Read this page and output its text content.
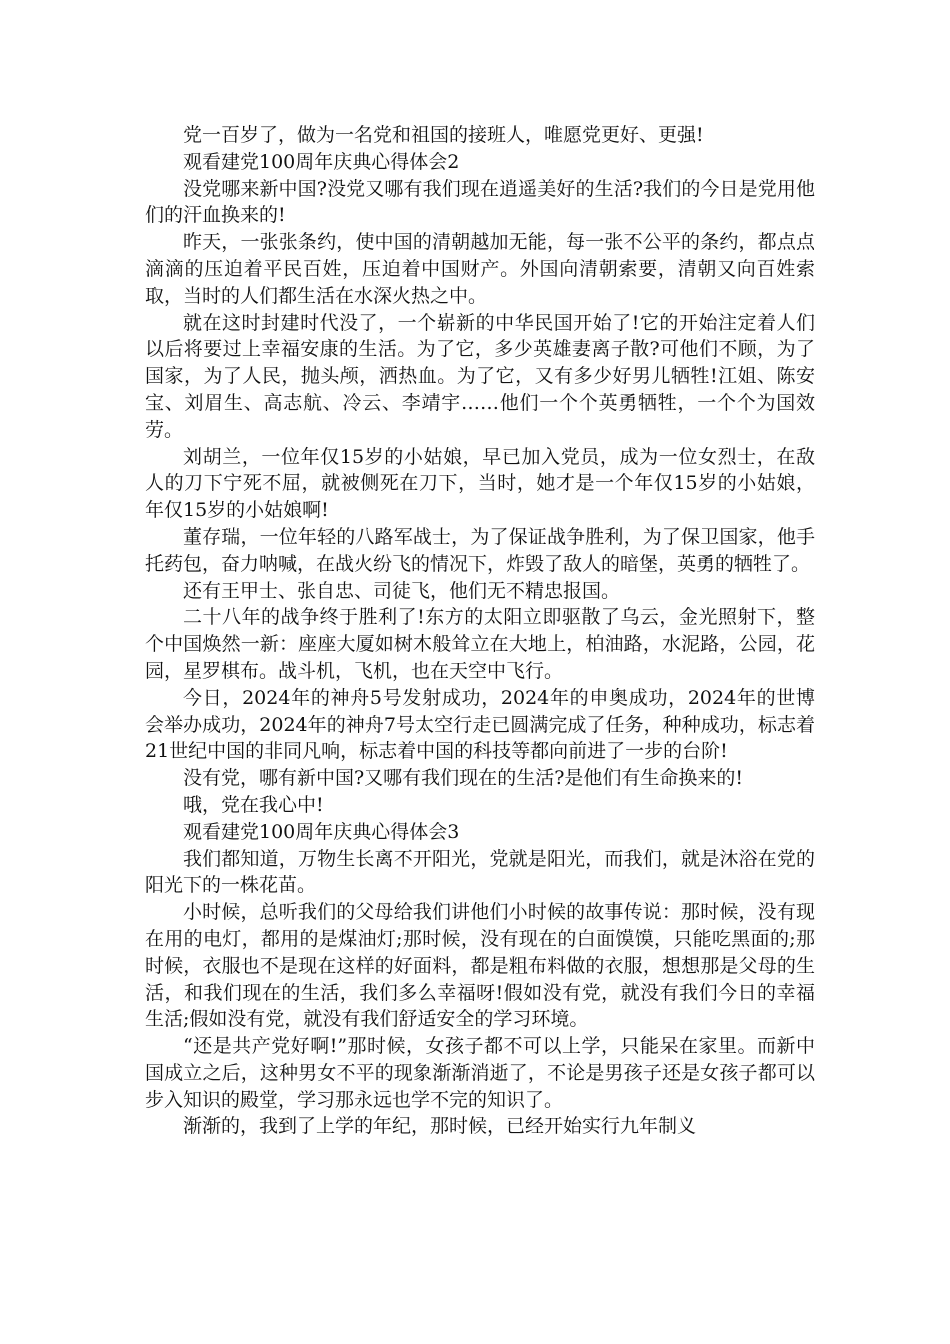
党一百岁了，做为一名党和祖国的接班人，唯愿党更好、更强!

观看建党100周年庆典心得体会2

没党哪来新中国?没党又哪有我们现在逍遥美好的生活?我们的今日是党用他们的汗血换来的!

昨天，一张张条约，使中国的清朝越加无能，每一张不公平的条约，都点点滴滴的压迫着平民百姓，压迫着中国财产。外国向清朝索要，清朝又向百姓索取，当时的人们都生活在水深火热之中。

就在这时封建时代没了，一个崭新的中华民国开始了!它的开始注定着人们以后将要过上幸福安康的生活。为了它，多少英雄妻离子散?可他们不顾，为了国家，为了人民，抛头颅，洒热血。为了它，又有多少好男儿牺牲!江姐、陈安宝、刘眉生、高志航、冷云、李靖宇……他们一个个英勇牺牲，一个个为国效劳。

刘胡兰，一位年仅15岁的小姑娘，早已加入党员，成为一位女烈士，在敌人的刀下宁死不屈，就被侧死在刀下，当时，她才是一个年仅15岁的小姑娘，年仅15岁的小姑娘啊!

董存瑞，一位年轻的八路军战士，为了保证战争胜利，为了保卫国家，他手托药包，奋力呐喊，在战火纷飞的情况下，炸毁了敌人的暗堡，英勇的牺牲了。

还有王甲士、张自忠、司徒飞，他们无不精忠报国。

二十八年的战争终于胜利了!东方的太阳立即驱散了乌云，金光照射下，整个中国焕然一新：座座大厦如树木般耸立在大地上，柏油路，水泥路，公园，花园，星罗棋布。战斗机，飞机，也在天空中飞行。

今日，2024年的神舟5号发射成功，2024年的申奥成功，2024年的世博会举办成功，2024年的神舟7号太空行走已圆满完成了任务，种种成功，标志着21世纪中国的非同凡响，标志着中国的科技等都向前进了一步的台阶!

没有党，哪有新中国?又哪有我们现在的生活?是他们有生命换来的!

哦，党在我心中!

观看建党100周年庆典心得体会3

我们都知道，万物生长离不开阳光，党就是阳光，而我们，就是沐浴在党的阳光下的一株花苗。

小时候，总听我们的父母给我们讲他们小时候的故事传说：那时候，没有现在用的电灯，都用的是煤油灯;那时候，没有现在的白面馍馍，只能吃黑面的;那时候，衣服也不是现在这样的好面料，都是粗布料做的衣服，想想那是父母的生活，和我们现在的生活，我们多么幸福呀!假如没有党，就没有我们今日的幸福生活;假如没有党，就没有我们舒适安全的学习环境。

“还是共产党好啊!”那时候，女孩子都不可以上学，只能呆在家里。而新中国成立之后，这种男女不平的现象渐渐消逝了，不论是男孩子还是女孩子都可以步入知识的殿堂，学习那永远也学不完的知识了。

渐渐的，我到了上学的年纪，那时候，已经开始实行九年制义
